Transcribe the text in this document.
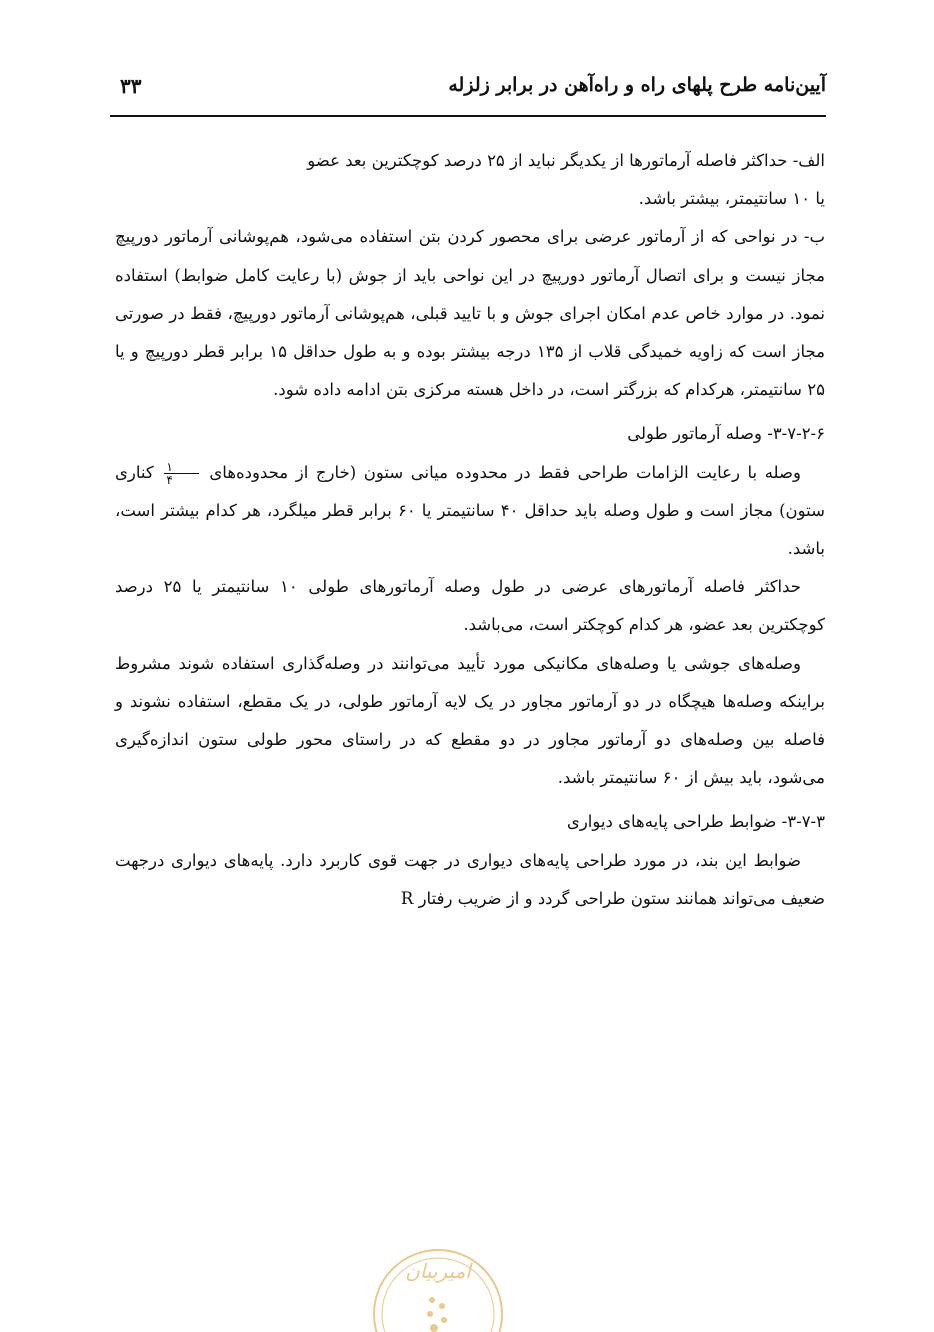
آیین‌نامه طرح پلهای راه و راه‌آهن در برابر زلزله
۳۳

الف- حداکثر فاصله آرماتورها از یکدیگر نباید از ۲۵ درصد کوچکترین بعد عضو

یا ۱۰ سانتیمتر، بیشتر باشد.

ب- در نواحی که از آرماتور عرضی برای محصور کردن بتن استفاده می‌شود، هم‌پوشانی آرماتور دورپیچ مجاز نیست و برای اتصال آرماتور دورپیچ در این نواحی باید از جوش (با رعایت کامل ضوابط) استفاده نمود. در موارد خاص عدم امکان اجرای جوش و با تایید قبلی، هم‌پوشانی آرماتور دورپیچ، فقط در صورتی مجاز است که زاویه خمیدگی قلاب از ۱۳۵ درجه بیشتر بوده و به طول حداقل ۱۵ برابر قطر دورپیچ و یا ۲۵ سانتیمتر، هرکدام که بزرگتر است، در داخل هسته مرکزی بتن ادامه داده شود.

۳-۷-۲-۶- وصله آرماتور طولی

وصله با رعایت الزامات طراحی فقط در محدوده میانی ستون (خارج از محدوده‌های
$\frac{۱}{۴}$
کناری ستون) مجاز است و طول وصله باید حداقل ۴۰ سانتیمتر یا ۶۰ برابر قطر میلگرد، هر کدام بیشتر است، باشد.

حداکثر فاصله آرماتورهای عرضی در طول وصله آرماتورهای طولی ۱۰ سانتیمتر یا ۲۵ درصد کوچکترین بعد عضو، هر کدام کوچکتر است، می‌باشد.

وصله‌های جوشی یا وصله‌های مکانیکی مورد تأیید می‌توانند در وصله‌گذاری استفاده شوند مشروط براینکه وصله‌ها هیچگاه در دو آرماتور مجاور در یک لایه آرماتور طولی، در یک مقطع، استفاده نشوند و فاصله بین وصله‌های دو آرماتور مجاور در دو مقطع که در راستای محور طولی ستون اندازه‌گیری می‌شود، باید بیش از ۶۰ سانتیمتر باشد.

۳-۷-۳- ضوابط طراحی پایه‌های دیواری

ضوابط این بند، در مورد طراحی پایه‌های دیواری در جهت قوی کاربرد دارد. پایه‌های دیواری درجهت ضعیف می‌تواند همانند ستون طراحی گردد و از ضریب رفتار R

امیربیان
